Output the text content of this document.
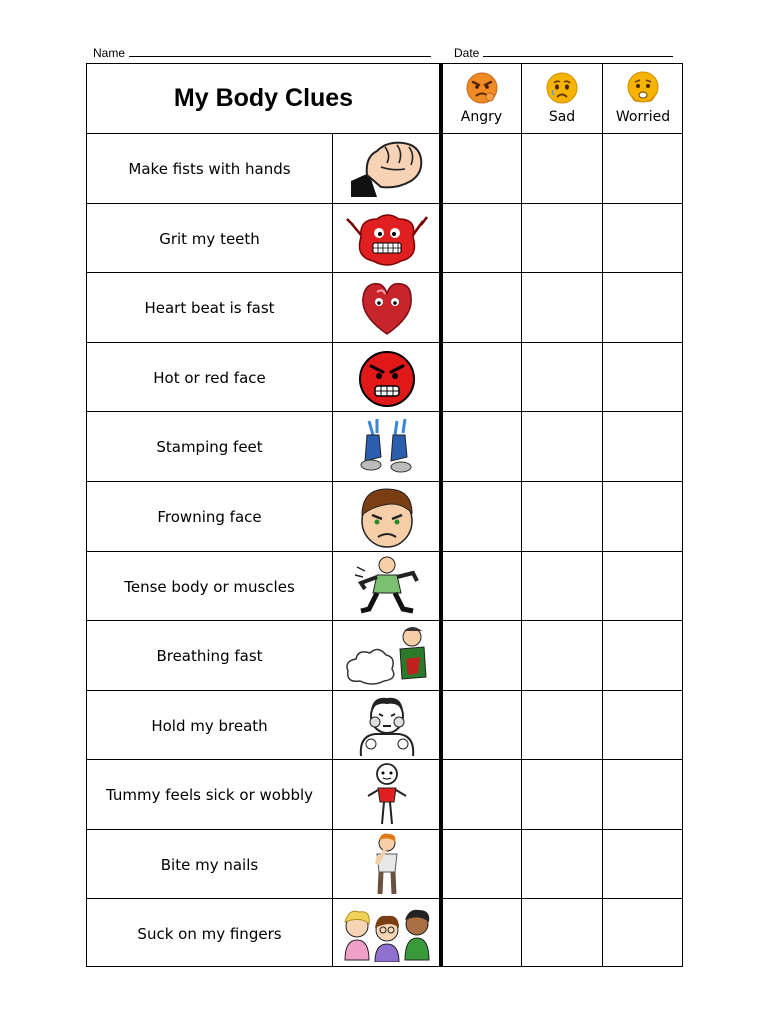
Name	Date
My Body Clues
Angry	Sad	Worried
Make fists with hands
Grit my teeth
Heart beat is fast
Hot or red face
Stamping feet
Frowning face
Tense body or muscles
Breathing fast
Hold my breath
Tummy feels sick or wobbly
Bite my nails
Suck on my fingers
